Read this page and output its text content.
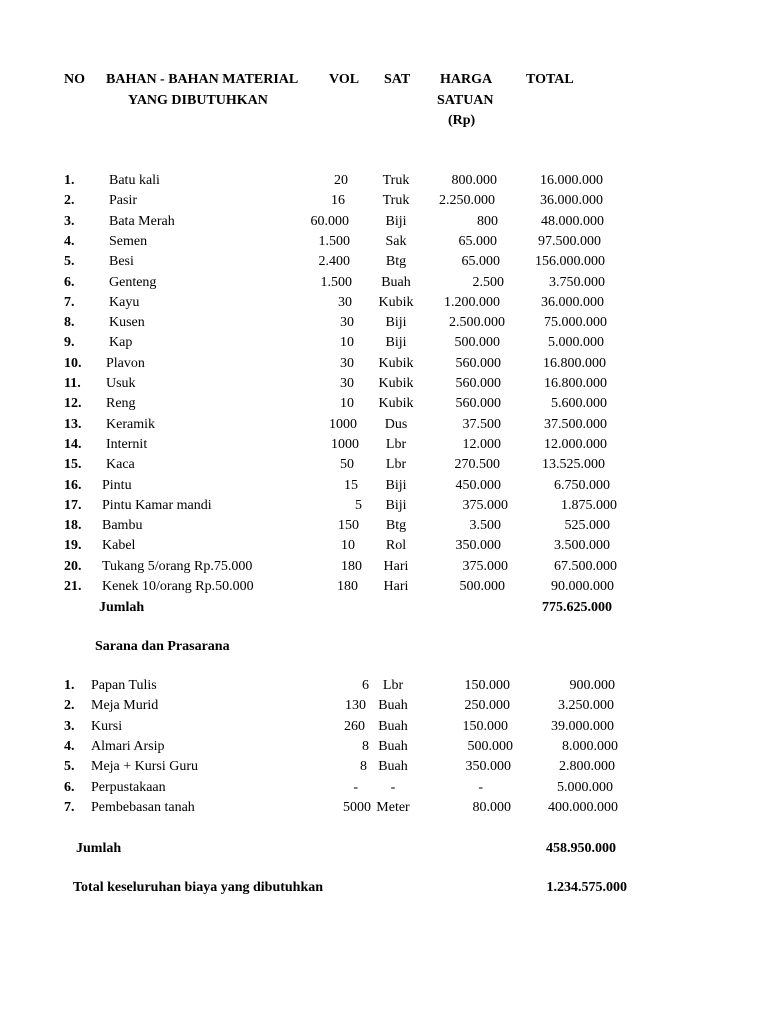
NO BAHAN - BAHAN MATERIAL
YANG DIBUTUHKAN
VOL SAT HARGA
SATUAN
(Rp)
TOTAL
1. Batu kali	20	Truk	800.000	16.000.000
2. Pasir	16	Truk	2.250.000	36.000.000
3. Bata Merah	60.000	Biji	800	48.000.000
4. Semen	1.500	Sak	65.000	97.500.000
5. Besi	2.400	Btg	65.000	156.000.000
6. Genteng	1.500	Buah	2.500	3.750.000
7. Kayu	30	Kubik	1.200.000	36.000.000
8. Kusen	30	Biji	2.500.000	75.000.000
9. Kap	10	Biji	500.000	5.000.000
10. Plavon	30	Kubik	560.000	16.800.000
11. Usuk	30	Kubik	560.000	16.800.000
12. Reng	10	Kubik	560.000	5.600.000
13. Keramik	1000	Dus	37.500	37.500.000
14. Internit	1000	Lbr	12.000	12.000.000
15. Kaca	50	Lbr	270.500	13.525.000
16. Pintu	15	Biji	450.000	6.750.000
17. Pintu Kamar mandi	5	Biji	375.000	1.875.000
18. Bambu	150	Btg	3.500	525.000
19. Kabel	10	Rol	350.000	3.500.000
20. Tukang 5/orang Rp.75.000	180	Hari	375.000	67.500.000
21. Kenek 10/orang Rp.50.000	180	Hari	500.000	90.000.000
Jumlah	775.625.000
Sarana dan Prasarana
1. Papan Tulis	6 Lbr	150.000	900.000
2. Meja Murid	130 Buah	250.000	3.250.000
3. Kursi	260 Buah	150.000	39.000.000
4. Almari Arsip	8 Buah	500.000	8.000.000
5. Meja + Kursi Guru	8 Buah	350.000	2.800.000
6. Perpustakaan	-	-	-	5.000.000
7. Pembebasan tanah	5000 Meter	80.000	400.000.000
Jumlah	458.950.000
Total keseluruhan biaya yang dibutuhkan	1.234.575.000
